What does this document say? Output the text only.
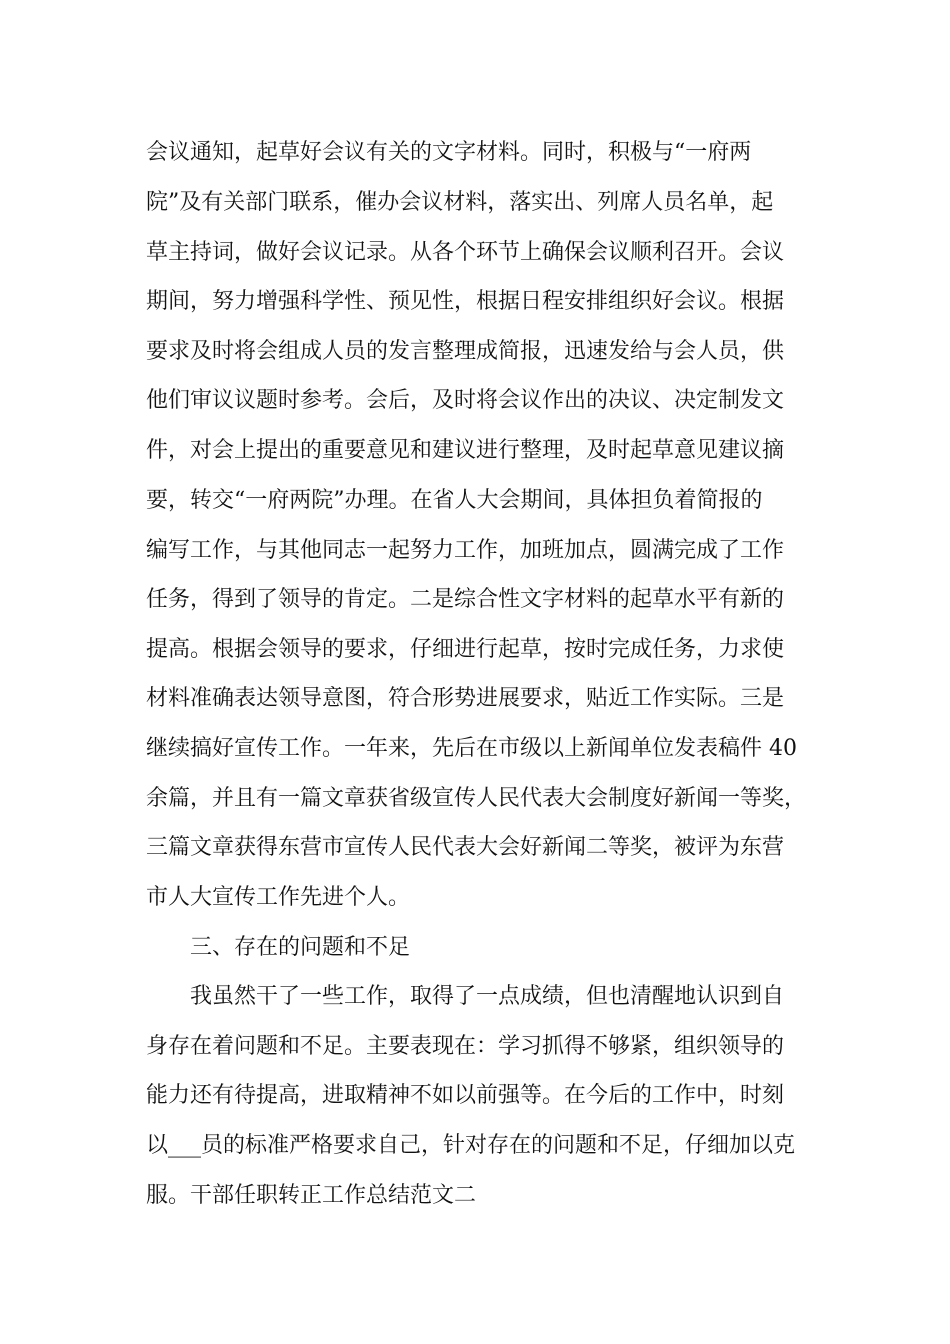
会议通知，起草好会议有关的文字材料。同时，积极与“一府两
院”及有关部门联系，催办会议材料，落实出、列席人员名单，起
草主持词，做好会议记录。从各个环节上确保会议顺利召开。会议
期间，努力增强科学性、预见性，根据日程安排组织好会议。根据
要求及时将会组成人员的发言整理成简报，迅速发给与会人员，供
他们审议议题时参考。会后，及时将会议作出的决议、决定制发文
件，对会上提出的重要意见和建议进行整理，及时起草意见建议摘
要，转交“一府两院”办理。在省人大会期间，具体担负着简报的
编写工作，与其他同志一起努力工作，加班加点，圆满完成了工作
任务，得到了领导的肯定。二是综合性文字材料的起草水平有新的
提高。根据会领导的要求，仔细进行起草，按时完成任务，力求使
材料准确表达领导意图，符合形势进展要求，贴近工作实际。三是
继续搞好宣传工作。一年来，先后在市级以上新闻单位发表稿件 40
余篇，并且有一篇文章获省级宣传人民代表大会制度好新闻一等奖，
三篇文章获得东营市宣传人民代表大会好新闻二等奖，被评为东营
市人大宣传工作先进个人。
三、存在的问题和不足
我虽然干了一些工作，取得了一点成绩，但也清醒地认识到自
身存在着问题和不足。主要表现在：学习抓得不够紧，组织领导的
能力还有待提高，进取精神不如以前强等。在今后的工作中，时刻
以___员的标准严格要求自己，针对存在的问题和不足，仔细加以克
服。干部任职转正工作总结范文二
